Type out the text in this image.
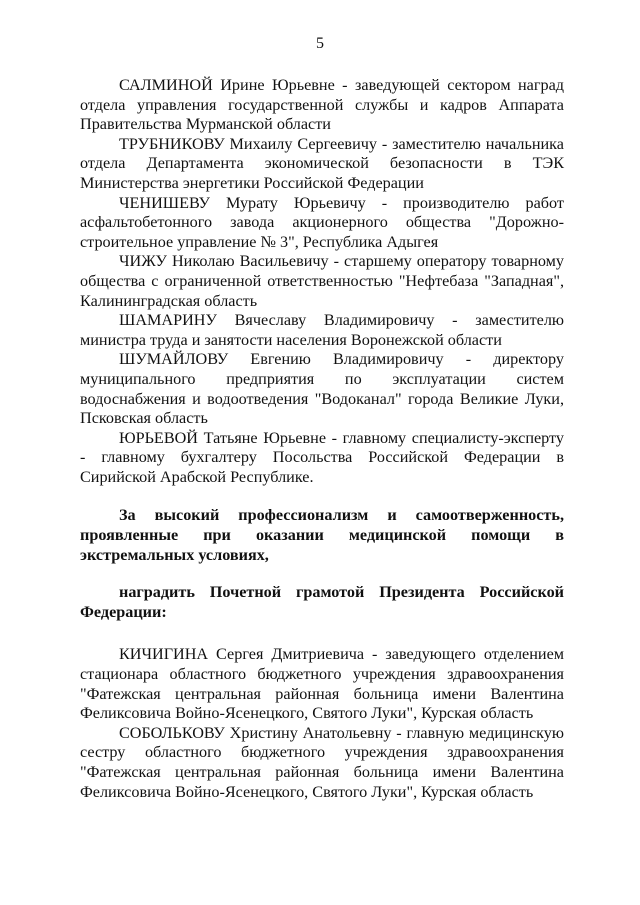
5

САЛМИНОЙ Ирине Юрьевне - заведующей сектором наград отдела управления государственной службы и кадров Аппарата Правительства Мурманской области

ТРУБНИКОВУ Михаилу Сергеевичу - заместителю начальника отдела Департамента экономической безопасности в ТЭК Министерства энергетики Российской Федерации

ЧЕНИШЕВУ Мурату Юрьевичу - производителю работ асфальтобетонного завода акционерного общества "Дорожно-строительное управление № 3", Республика Адыгея

ЧИЖУ Николаю Васильевичу - старшему оператору товарному общества с ограниченной ответственностью "Нефтебаза "Западная", Калининградская область

ШАМАРИНУ Вячеславу Владимировичу - заместителю министра труда и занятости населения Воронежской области

ШУМАЙЛОВУ Евгению Владимировичу - директору муниципального предприятия по эксплуатации систем водоснабжения и водоотведения "Водоканал" города Великие Луки, Псковская область

ЮРЬЕВОЙ Татьяне Юрьевне - главному специалисту-эксперту - главному бухгалтеру Посольства Российской Федерации в Сирийской Арабской Республике.

За высокий профессионализм и самоотверженность, проявленные при оказании медицинской помощи в экстремальных условиях,

наградить Почетной грамотой Президента Российской Федерации:

КИЧИГИНА Сергея Дмитриевича - заведующего отделением стационара областного бюджетного учреждения здравоохранения "Фатежская центральная районная больница имени Валентина Феликсовича Войно-Ясенецкого, Святого Луки", Курская область

СОБОЛЬКОВУ Христину Анатольевну - главную медицинскую сестру областного бюджетного учреждения здравоохранения "Фатежская центральная районная больница имени Валентина Феликсовича Войно-Ясенецкого, Святого Луки", Курская область
